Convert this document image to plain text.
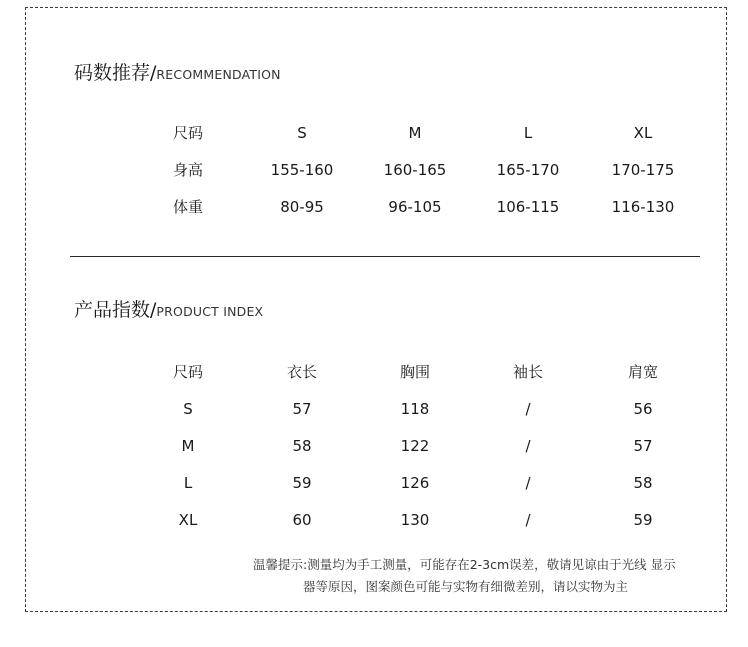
码数推荐 / RECOMMENDATION
尺码	S	M	L	XL
身高	155-160	160-165	165-170	170-175
体重	80-95	96-105	106-115	116-130
产品指数 / PRODUCT INDEX
尺码	衣长	胸围	袖长	肩宽
S	57	118	/	56
M	58	122	/	57
L	59	126	/	58
XL	60	130	/	59
温馨提示:测量均为手工测量，可能存在2-3cm误差，敬请见谅由于光线 显示
器等原因，图案颜色可能与实物有细微差别，请以实物为主
